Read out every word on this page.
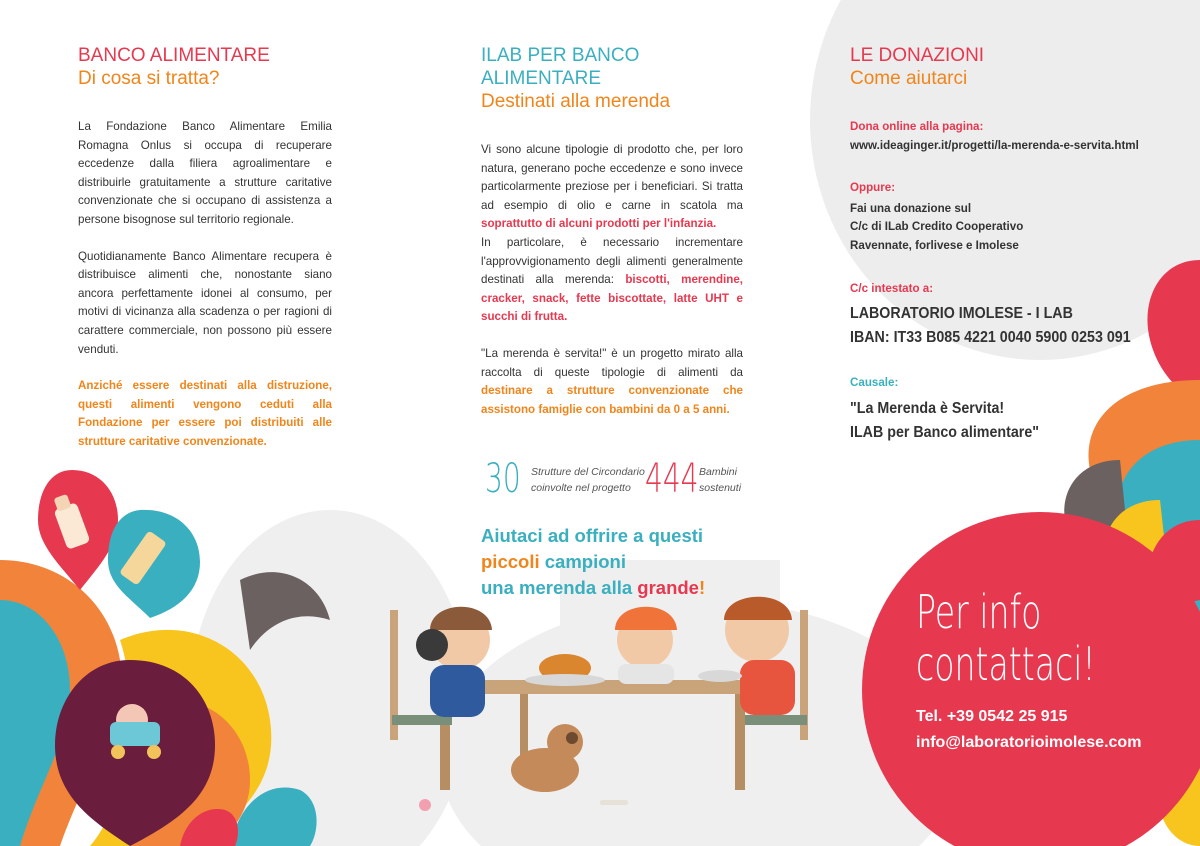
BANCO ALIMENTARE
Di cosa si tratta?

La Fondazione Banco Alimentare Emilia Romagna Onlus si occupa di recuperare eccedenze dalla filiera agroalimentare e distribuirle gratuitamente a strutture caritative convenzionate che si occupano di assistenza a persone bisognose sul territorio regionale.

Quotidianamente Banco Alimentare recupera è distribuisce alimenti che, nonostante siano ancora perfettamente idonei al consumo, per motivi di vicinanza alla scadenza o per ragioni di carattere commerciale, non possono più essere venduti.

Anziché essere destinati alla distruzione, questi alimenti vengono ceduti alla Fondazione per essere poi distribuiti alle strutture caritative convenzionate.

ILAB PER BANCO ALIMENTARE
Destinati alla merenda

Vi sono alcune tipologie di prodotto che, per loro natura, generano poche eccedenze e sono invece particolarmente preziose per i beneficiari. Si tratta ad esempio di olio e carne in scatola ma soprattutto di alcuni prodotti per l'infanzia.

In particolare, è necessario incrementare l'approvvigionamento degli alimenti generalmente destinati alla merenda: biscotti, merendine, cracker, snack, fette biscottate, latte UHT e succhi di frutta.

"La merenda è servita!" è un progetto mirato alla raccolta di queste tipologie di alimenti da destinare a strutture convenzionate che assistono famiglie con bambini da 0 a 5 anni.

30 Strutture del Circondario
coinvolte nel progetto 444 Bambini
sostenuti
Aiutaci ad offrire a questi
piccoli campioni
una merenda alla grande!
LE DONAZIONI
Come aiutarci

Dona online alla pagina:

www.ideaginger.it/progetti/la-merenda-e-servita.html

Oppure:

Fai una donazione sul

C/c di ILab Credito Cooperativo

Ravennate, forlivese e Imolese

C/c intestato a:

LABORATORIO IMOLESE - I LAB

IBAN: IT33 B085 4221 0040 5900 0253 091

Causale:

"La Merenda è Servita!

ILAB per Banco alimentare"

Per info
contattaci!
Tel. +39 0542 25 915
info@laboratorioimolese.com
